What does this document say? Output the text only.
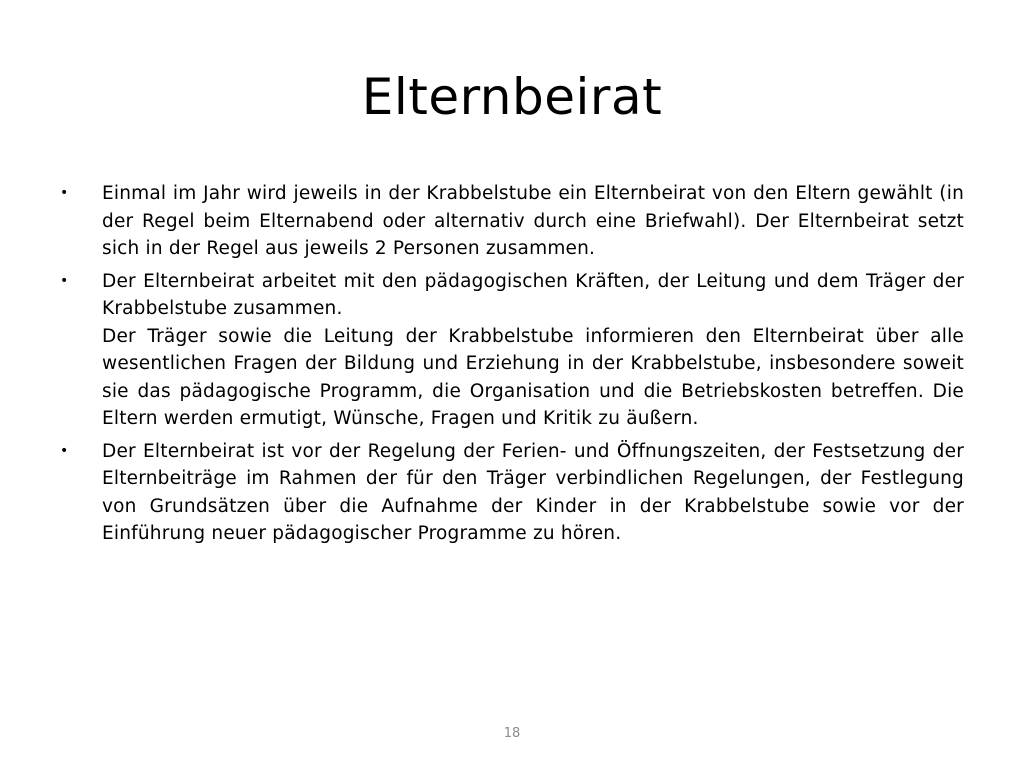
Elternbeirat
• Einmal im Jahr wird jeweils in der Krabbelstube ein Elternbeirat von den Eltern gewählt (in der Regel beim Elternabend oder alternativ durch eine Briefwahl). Der Elternbeirat setzt sich in der Regel aus jeweils 2 Personen zusammen.
• Der Elternbeirat arbeitet mit den pädagogischen Kräften, der Leitung und dem Träger der Krabbelstube zusammen.
Der Träger sowie die Leitung der Krabbelstube informieren den Elternbeirat über alle wesentlichen Fragen der Bildung und Erziehung in der Krabbelstube, insbesondere soweit sie das pädagogische Programm, die Organisation und die Betriebskosten betreffen. Die Eltern werden ermutigt, Wünsche, Fragen und Kritik zu äußern.
• Der Elternbeirat ist vor der Regelung der Ferien- und Öffnungszeiten, der Festsetzung der Elternbeiträge im Rahmen der für den Träger verbindlichen Regelungen, der Festlegung von Grundsätzen über die Aufnahme der Kinder in der Krabbelstube sowie vor der Einführung neuer pädagogischer Programme zu hören.
18
